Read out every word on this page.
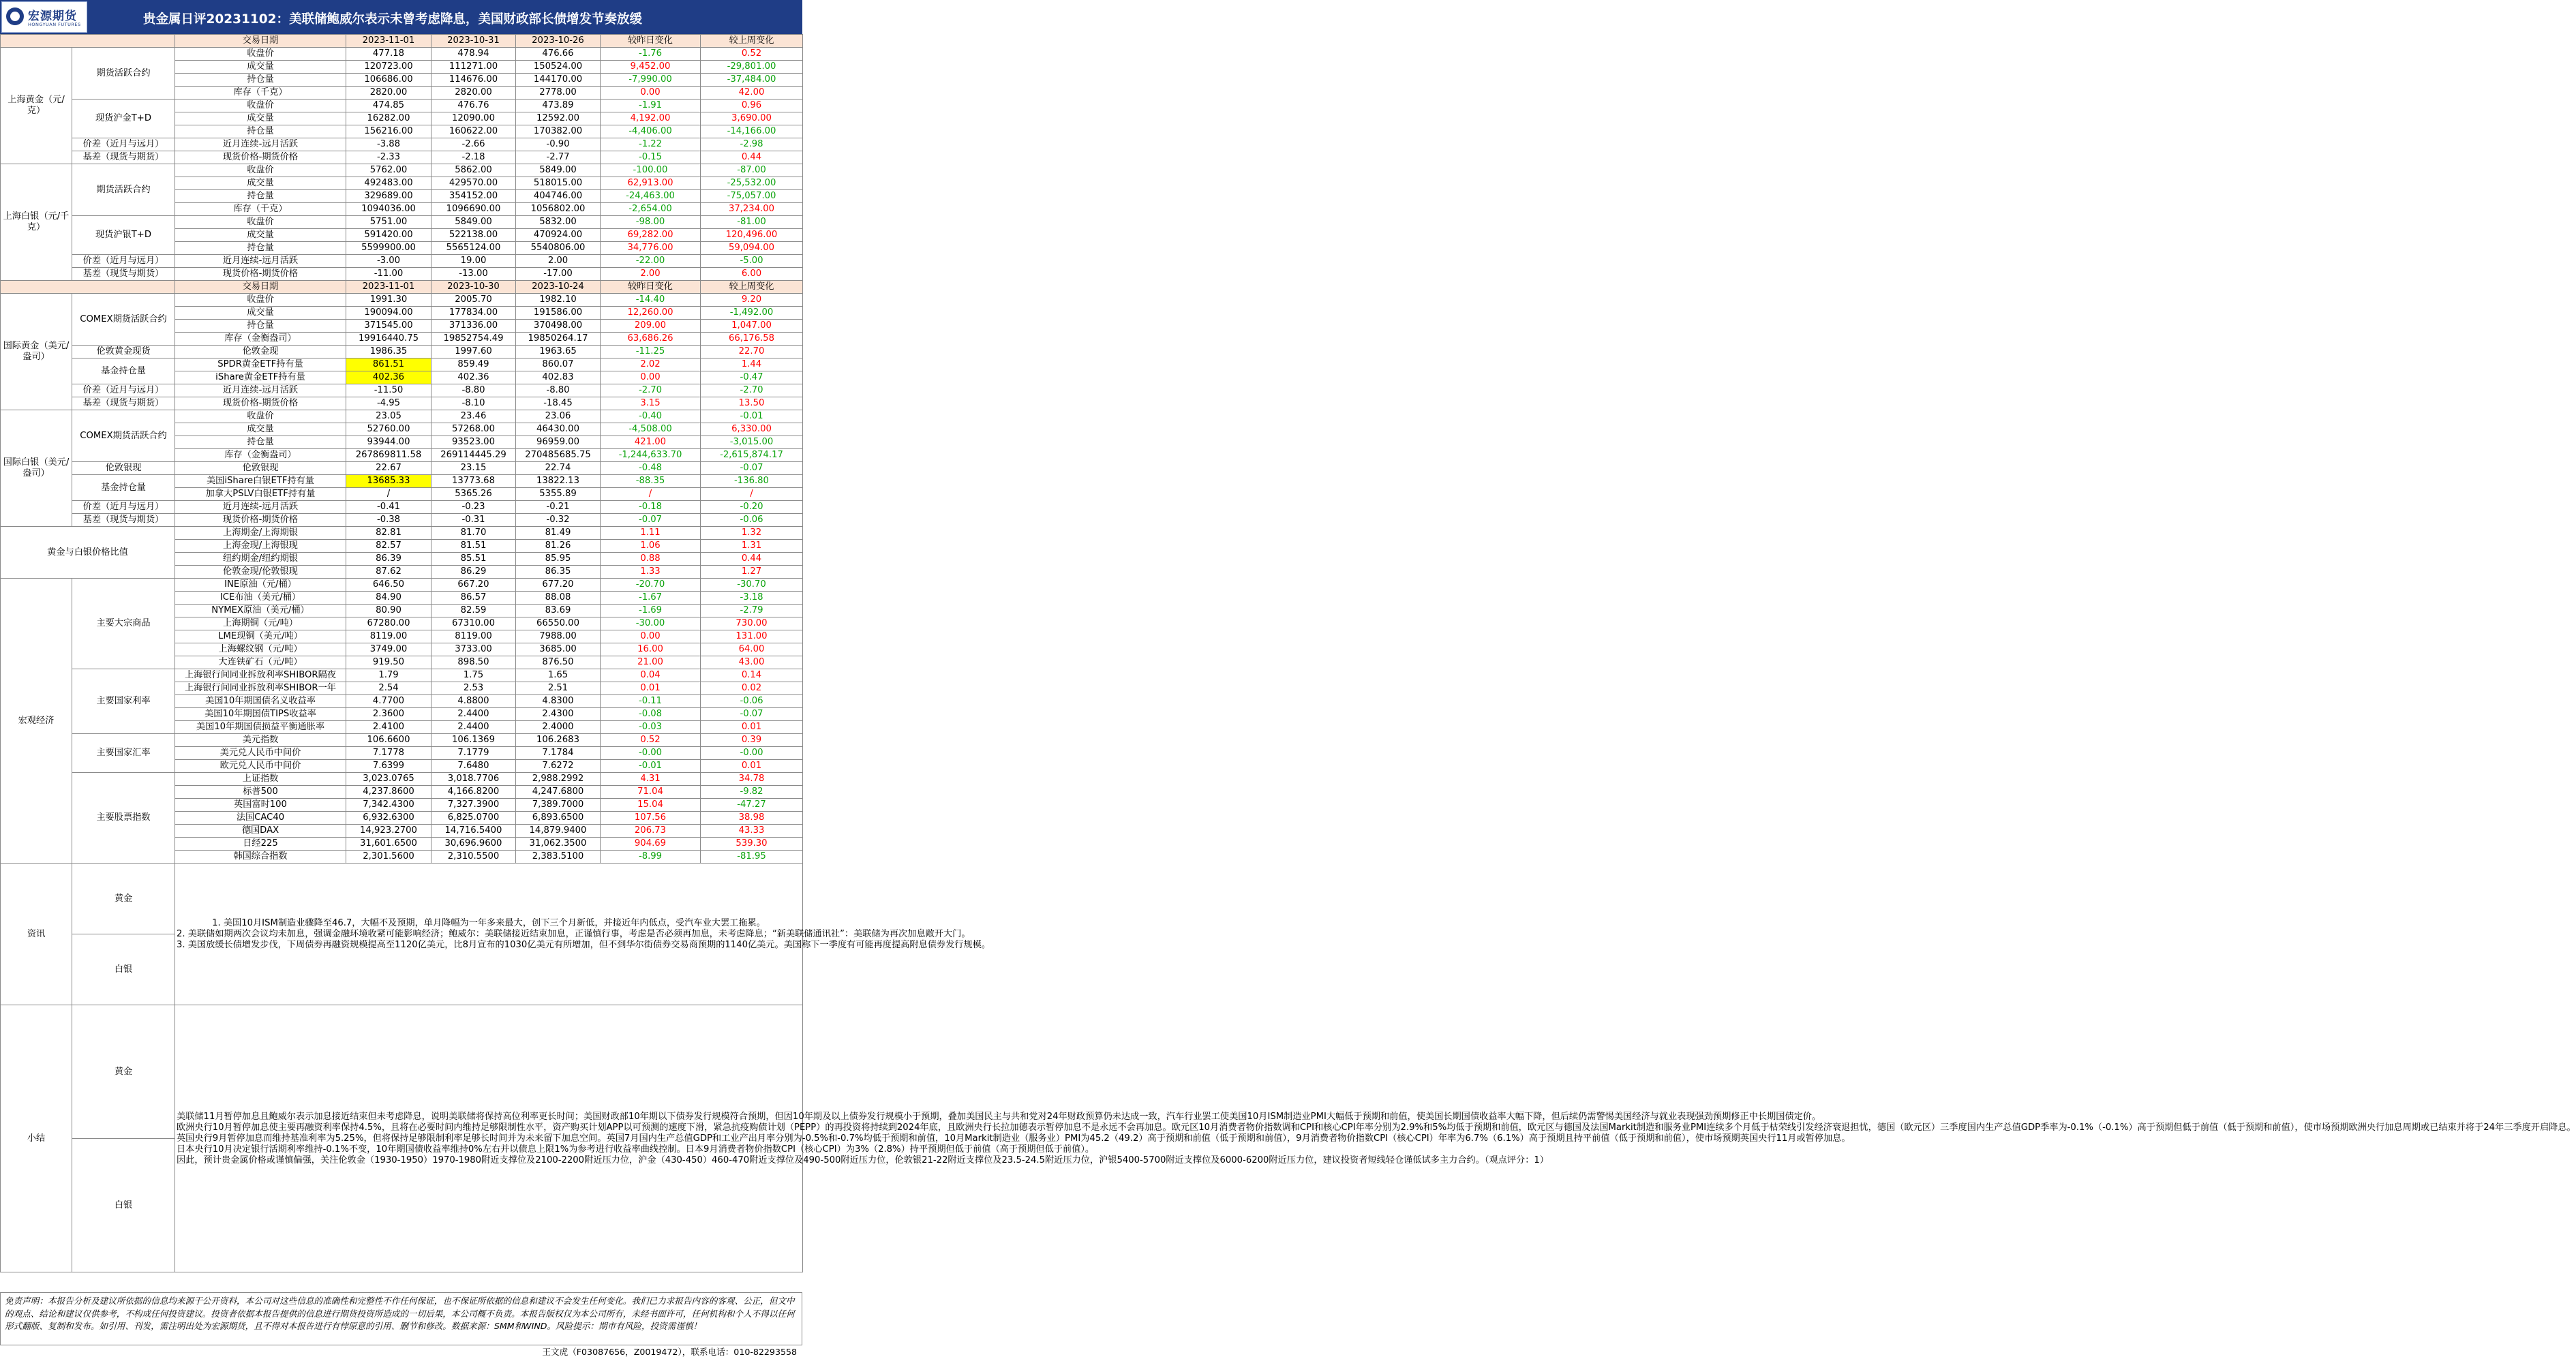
宏源期货
HONGYUAN FUTURES	贵金属日评20231102：美联储鲍威尔表示未曾考虑降息，美国财政部长债增发节奏放缓
		交易日期	2023-11-01	2023-10-31	2023-10-26	较昨日变化	较上周变化
上海黄金（元/克）	期货活跃合约	收盘价	477.18	478.94	476.66	-1.76	0.52
		成交量	120723.00	111271.00	150524.00	9,452.00	-29,801.00
		持仓量	106686.00	114676.00	144170.00	-7,990.00	-37,484.00
		库存（千克）	2820.00	2820.00	2778.00	0.00	42.00
	现货沪金T+D	收盘价	474.85	476.76	473.89	-1.91	0.96
		成交量	16282.00	12090.00	12592.00	4,192.00	3,690.00
		持仓量	156216.00	160622.00	170382.00	-4,406.00	-14,166.00
	价差（近月与远月）	近月连续-远月活跃	-3.88	-2.66	-0.90	-1.22	-2.98
	基差（现货与期货）	现货价格-期货价格	-2.33	-2.18	-2.77	-0.15	0.44
上海白银（元/千克）	期货活跃合约	收盘价	5762.00	5862.00	5849.00	-100.00	-87.00
		成交量	492483.00	429570.00	518015.00	62,913.00	-25,532.00
		持仓量	329689.00	354152.00	404746.00	-24,463.00	-75,057.00
		库存（千克）	1094036.00	1096690.00	1056802.00	-2,654.00	37,234.00
	现货沪银T+D	收盘价	5751.00	5849.00	5832.00	-98.00	-81.00
		成交量	591420.00	522138.00	470924.00	69,282.00	120,496.00
		持仓量	5599900.00	5565124.00	5540806.00	34,776.00	59,094.00
	价差（近月与远月）	近月连续-远月活跃	-3.00	19.00	2.00	-22.00	-5.00
	基差（现货与期货）	现货价格-期货价格	-11.00	-13.00	-17.00	2.00	6.00
		交易日期	2023-11-01	2023-10-30	2023-10-24	较昨日变化	较上周变化
国际黄金（美元/盎司）	COMEX期货活跃合约	收盘价	1991.30	2005.70	1982.10	-14.40	9.20
		成交量	190094.00	177834.00	191586.00	12,260.00	-1,492.00
		持仓量	371545.00	371336.00	370498.00	209.00	1,047.00
		库存（金衡盎司）	19916440.75	19852754.49	19850264.17	63,686.26	66,176.58
	伦敦黄金现货	伦敦金现	1986.35	1997.60	1963.65	-11.25	22.70
	基金持仓量	SPDR黄金ETF持有量	861.51	859.49	860.07	2.02	1.44
		iShare黄金ETF持有量	402.36	402.36	402.83	0.00	-0.47
	价差（近月与远月）	近月连续-远月活跃	-11.50	-8.80	-8.80	-2.70	-2.70
	基差（现货与期货）	现货价格-期货价格	-4.95	-8.10	-18.45	3.15	13.50
国际白银（美元/盎司）	COMEX期货活跃合约	收盘价	23.05	23.46	23.06	-0.40	-0.01
		成交量	52760.00	57268.00	46430.00	-4,508.00	6,330.00
		持仓量	93944.00	93523.00	96959.00	421.00	-3,015.00
		库存（金衡盎司）	267869811.58	269114445.29	270485685.75	-1,244,633.70	-2,615,874.17
	伦敦银现	伦敦银现	22.67	23.15	22.74	-0.48	-0.07
	基金持仓量	美国iShare白银ETF持有量	13685.33	13773.68	13822.13	-88.35	-136.80
		加拿大PSLV白银ETF持有量	/	5365.26	5355.89	/	/
	价差（近月与远月）	近月连续-远月活跃	-0.41	-0.23	-0.21	-0.18	-0.20
	基差（现货与期货）	现货价格-期货价格	-0.38	-0.31	-0.32	-0.07	-0.06
黄金与白银价格比值		上海期金/上海期银	82.81	81.70	81.49	1.11	1.32
		上海金现/上海银现	82.57	81.51	81.26	1.06	1.31
		纽约期金/纽约期银	86.39	85.51	85.95	0.88	0.44
		伦敦金现/伦敦银现	87.62	86.29	86.35	1.33	1.27
宏观经济	主要大宗商品	INE原油（元/桶）	646.50	667.20	677.20	-20.70	-30.70
		ICE布油（美元/桶）	84.90	86.57	88.08	-1.67	-3.18
		NYMEX原油（美元/桶）	80.90	82.59	83.69	-1.69	-2.79
		上海期铜（元/吨）	67280.00	67310.00	66550.00	-30.00	730.00
		LME现铜（美元/吨）	8119.00	8119.00	7988.00	0.00	131.00
		上海螺纹钢（元/吨）	3749.00	3733.00	3685.00	16.00	64.00
		大连铁矿石（元/吨）	919.50	898.50	876.50	21.00	43.00
	主要国家利率	上海银行间同业拆放利率SHIBOR隔夜	1.79	1.75	1.65	0.04	0.14
		上海银行间同业拆放利率SHIBOR一年	2.54	2.53	2.51	0.01	0.02
		美国10年期国债名义收益率	4.7700	4.8800	4.8300	-0.11	-0.06
		美国10年期国债TIPS收益率	2.3600	2.4400	2.4300	-0.08	-0.07
		美国10年期国债损益平衡通胀率	2.4100	2.4400	2.4000	-0.03	0.01
	主要国家汇率	美元指数	106.6600	106.1369	106.2683	0.52	0.39
		美元兑人民币中间价	7.1778	7.1779	7.1784	-0.00	-0.00
		欧元兑人民币中间价	7.6399	7.6480	7.6272	-0.01	0.01
	主要股票指数	上证指数	3,023.0765	3,018.7706	2,988.2992	4.31	34.78
		标普500	4,237.8600	4,166.8200	4,247.6800	71.04	-9.82
		英国富时100	7,342.4300	7,327.3900	7,389.7000	15.04	-47.27
		法国CAC40	6,932.6300	6,825.0700	6,893.6500	107.56	38.98
		德国DAX	14,923.2700	14,716.5400	14,879.9400	206.73	43.33
		日经225	31,601.6500	30,696.9600	31,062.3500	904.69	539.30
		韩国综合指数	2,301.5600	2,310.5500	2,383.5100	-8.99	-81.95
资讯	黄金	1. 美国10月ISM制造业骤降至46.7，大幅不及预期，单月降幅为一年多来最大，创下三个月新低，并接近年内低点，受汽车业大罢工拖累。
2. 美联储如期两次会议均未加息，强调金融环境收紧可能影响经济；鲍威尔：美联储接近结束加息，正谨慎行事，考虑是否必须再加息，未考虑降息；“新美联储通讯社”：美联储为再次加息敞开大门。
3. 美国放缓长债增发步伐，下周债券再融资规模提高至1120亿美元，比8月宣布的1030亿美元有所增加，但不到华尔街债券交易商预期的1140亿美元。美国称下一季度有可能再度提高附息债券发行规模。					

	白银						
小结	黄金	美联储11月暂停加息且鲍威尔表示加息接近结束但未考虑降息，说明美联储将保持高位利率更长时间；美国财政部10年期以下债券发行规模符合预期，但因10年期及以上债券发行规模小于预期，叠加美国民主与共和党对24年财政预算仍未达成一致，汽车行业罢工使美国10月ISM制造业PMI大幅低于预期和前值，使美国长期国债收益率大幅下降，但后续仍需警惕美国经济与就业表现强劲预期修正中长期国债定价。
欧洲央行10月暂停加息使主要再融资利率保持4.5%，且将在必要时间内维持足够限制性水平，资产购买计划APP以可预测的速度下滑，紧急抗疫购债计划（PEPP）的再投资将持续到2024年底，且欧洲央行长拉加德表示暂停加息不是永远不会再加息。欧元区10月消费者物价指数调和CPI和核心CPI年率分别为2.9%和5%均低于预期和前值，欧元区与德国及法国Markit制造和服务业PMI连续多个月低于枯荣线引发经济衰退担忧，德国（欧元区）三季度国内生产总值GDP季率为-0.1%（-0.1%）高于预期但低于前值（低于预期和前值），使市场预期欧洲央行加息周期或已结束并将于24年三季度开启降息。
英国央行9月暂停加息而维持基准利率为5.25%，但将保持足够限制利率足够长时间并为未来留下加息空间。英国7月国内生产总值GDP和工业产出月率分别为-0.5%和-0.7%均低于预期和前值，10月Markit制造业（服务业）PMI为45.2（49.2）高于预期和前值（低于预期和前值），9月消费者物价指数CPI（核心CPI）年率为6.7%（6.1%）高于预期且持平前值（低于预期和前值），使市场预期英国央行11月或暂停加息。
日本央行10月决定银行活期利率维持-0.1%不变，10年期国债收益率维持0%左右并以债息上限1%为参考进行收益率曲线控制。日本9月消费者物价指数CPI（核心CPI）为3%（2.8%）持平预期但低于前值（高于预期但低于前值）。
因此，预计贵金属价格或谨慎偏强，关注伦敦金（1930-1950）1970-1980附近支撑位及2100-2200附近压力位，沪金（430-450）460-470附近支撑位及490-500附近压力位，伦敦银21-22附近支撑位及23.5-24.5附近压力位，沪银5400-5700附近支撑位及6000-6200附近压力位，建议投资者短线轻仓谨低试多主力合约。（观点评分：1）					

	白银						
免责声明：本报告分析及建议所依据的信息均来源于公开资料，本公司对这些信息的准确性和完整性不作任何保证，也不保证所依据的信息和建议不会发生任何变化。我们已力求报告内容的客观、公正，但文中的观点、结论和建议仅供参考，不构成任何投资建议。投资者依据本报告提供的信息进行期货投资所造成的一切后果，本公司概不负责。本报告版权仅为本公司所有，未经书面许可，任何机构和个人不得以任何形式翻版、复制和发布。如引用、刊发，需注明出处为宏源期货，且不得对本报告进行有悖原意的引用、删节和修改。数据来源：SMM和WIND。风险提示：期市有风险，投资需谨慎！
王文虎（F03087656，Z0019472），联系电话：010-82293558
